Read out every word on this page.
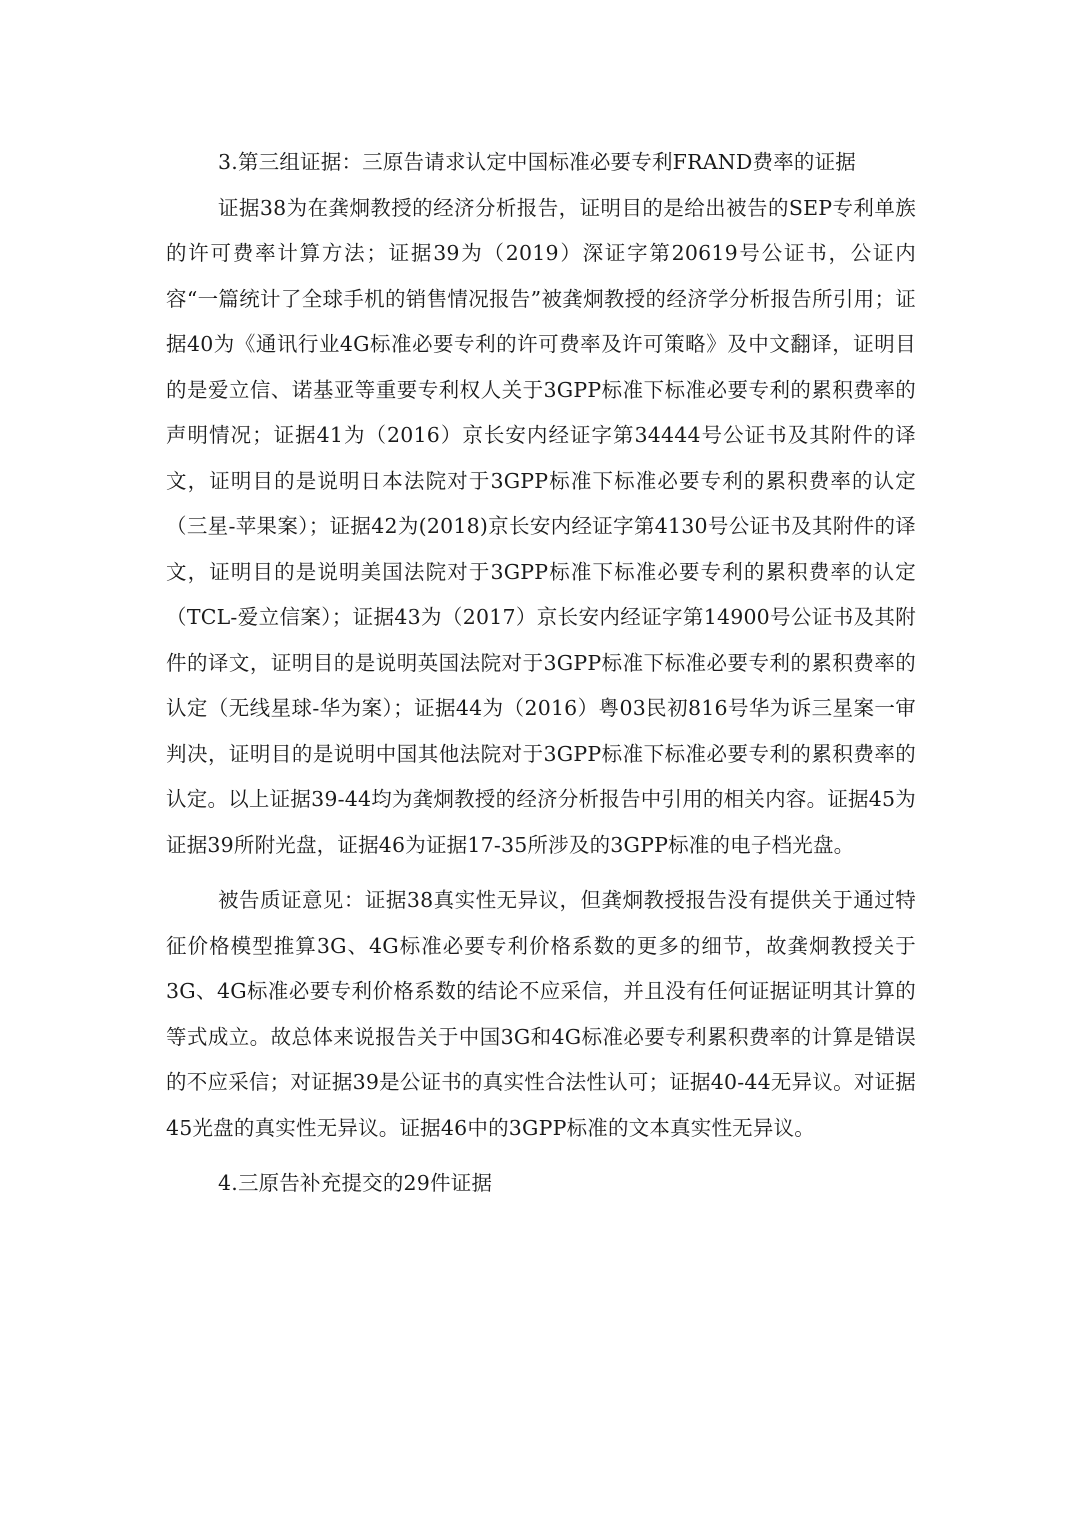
3.第三组证据：三原告请求认定中国标准必要专利FRAND费率的证据

证据38为在龚炯教授的经济分析报告，证明目的是给出被告的SEP专利单族的许可费率计算方法；证据39为（2019）深证字第20619号公证书，公证内容“一篇统计了全球手机的销售情况报告”被龚炯教授的经济学分析报告所引用；证据40为《通讯行业4G标准必要专利的许可费率及许可策略》及中文翻译，证明目的是爱立信、诺基亚等重要专利权人关于3GPP标准下标准必要专利的累积费率的声明情况；证据41为（2016）京长安内经证字第34444号公证书及其附件的译文，证明目的是说明日本法院对于3GPP标准下标准必要专利的累积费率的认定（三星-苹果案）；证据42为(2018)京长安内经证字第4130号公证书及其附件的译文，证明目的是说明美国法院对于3GPP标准下标准必要专利的累积费率的认定（TCL-爱立信案）；证据43为（2017）京长安内经证字第14900号公证书及其附件的译文，证明目的是说明英国法院对于3GPP标准下标准必要专利的累积费率的认定（无线星球-华为案）；证据44为（2016）粤03民初816号华为诉三星案一审判决，证明目的是说明中国其他法院对于3GPP标准下标准必要专利的累积费率的认定。以上证据39-44均为龚炯教授的经济分析报告中引用的相关内容。证据45为证据39所附光盘，证据46为证据17-35所涉及的3GPP标准的电子档光盘。

被告质证意见：证据38真实性无异议，但龚炯教授报告没有提供关于通过特征价格模型推算3G、4G标准必要专利价格系数的更多的细节，故龚炯教授关于3G、4G标准必要专利价格系数的结论不应采信，并且没有任何证据证明其计算的等式成立。故总体来说报告关于中国3G和4G标准必要专利累积费率的计算是错误的不应采信；对证据39是公证书的真实性合法性认可；证据40-44无异议。对证据45光盘的真实性无异议。证据46中的3GPP标准的文本真实性无异议。

4.三原告补充提交的29件证据
